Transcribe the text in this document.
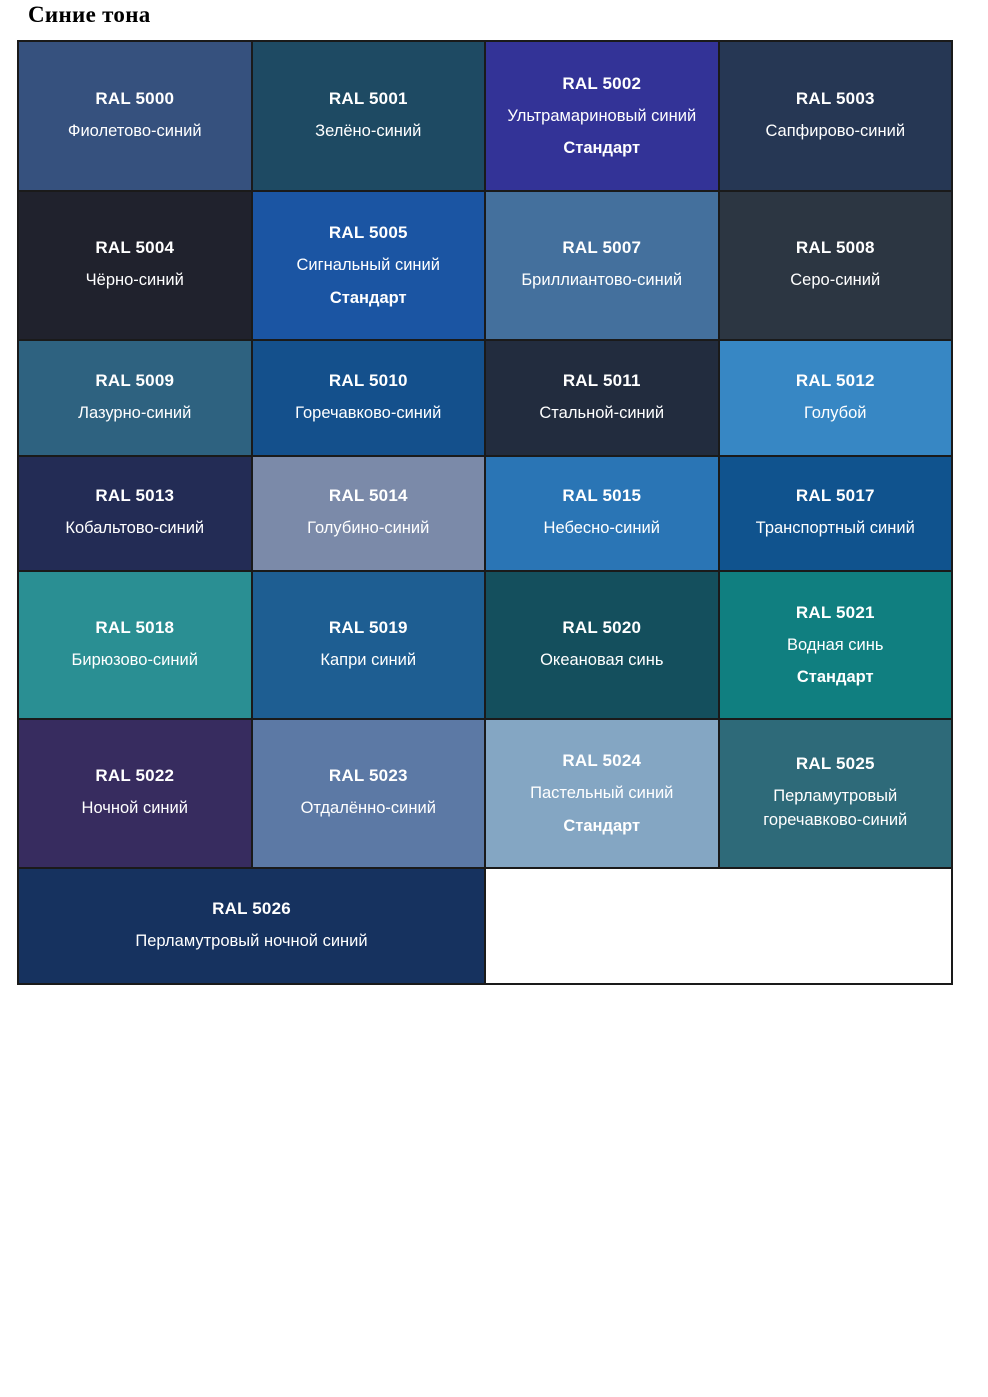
Синие тона
RAL 5000
Фиолетово-синий
RAL 5001
Зелёно-синий
RAL 5002
Ультрамариновый синий
Стандарт
RAL 5003
Сапфирово-синий
RAL 5004
Чёрно-синий
RAL 5005
Сигнальный синий
Стандарт
RAL 5007
Бриллиантово-синий
RAL 5008
Серо-синий
RAL 5009
Лазурно-синий
RAL 5010
Горечавково-синий
RAL 5011
Стальной-синий
RAL 5012
Голубой
RAL 5013
Кобальтово-синий
RAL 5014
Голубино-синий
RAL 5015
Небесно-синий
RAL 5017
Транспортный синий
RAL 5018
Бирюзово-синий
RAL 5019
Капри синий
RAL 5020
Океановая синь
RAL 5021
Водная синь
Стандарт
RAL 5022
Ночной синий
RAL 5023
Отдалённо-синий
RAL 5024
Пастельный синий
Стандарт
RAL 5025
Перламутровый горечавково-синий
RAL 5026
Перламутровый ночной синий
